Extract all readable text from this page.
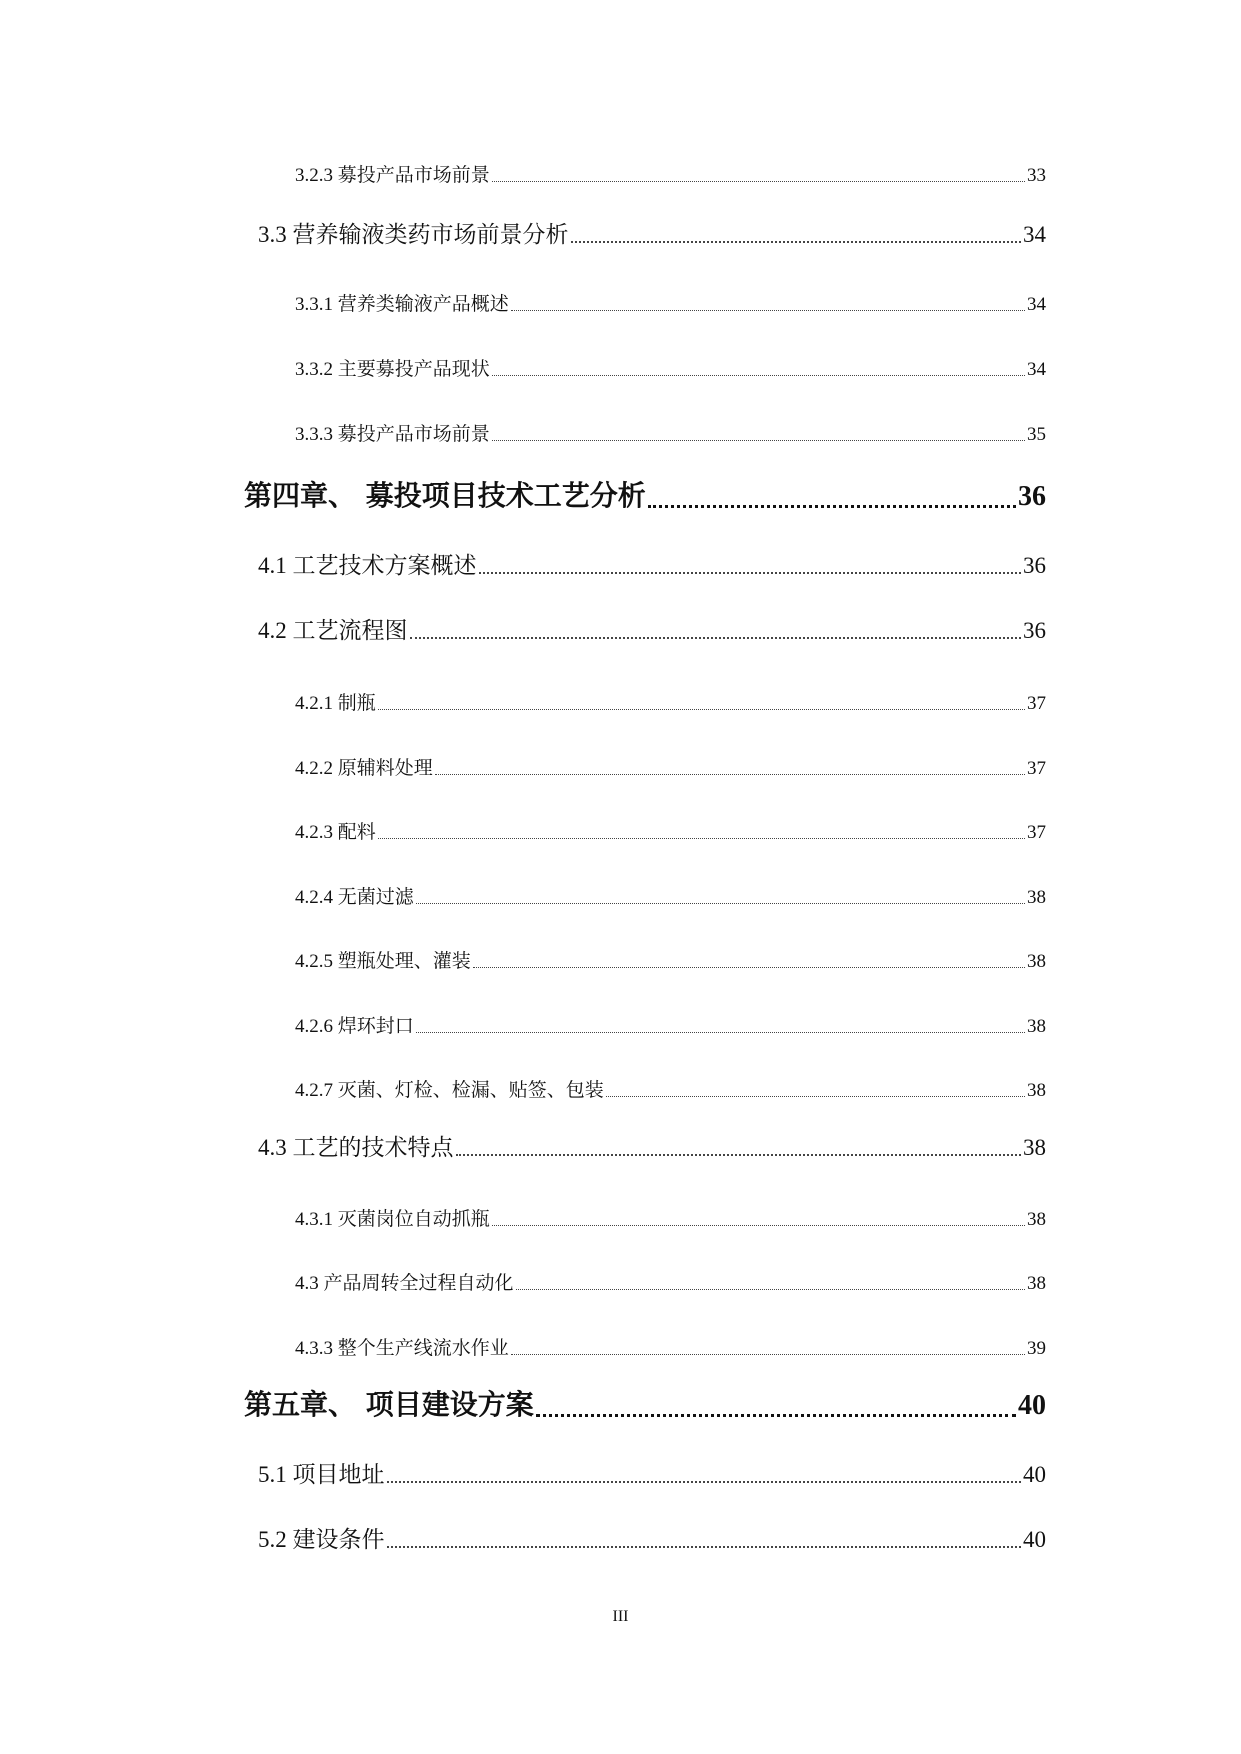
3.2.3 募投产品市场前景	33
3.3 营养输液类药市场前景分析	34
3.3.1 营养类输液产品概述	34
3.3.2 主要募投产品现状	34
3.3.3 募投产品市场前景	35
第四章、 募投项目技术工艺分析	36
4.1 工艺技术方案概述	36
4.2 工艺流程图	36
4.2.1 制瓶	37
4.2.2 原辅料处理	37
4.2.3 配料	37
4.2.4 无菌过滤	38
4.2.5 塑瓶处理、灌装	38
4.2.6 焊环封口	38
4.2.7 灭菌、灯检、检漏、贴签、包装	38
4.3 工艺的技术特点	38
4.3.1 灭菌岗位自动抓瓶	38
4.3 产品周转全过程自动化	38
4.3.3 整个生产线流水作业	39
第五章、 项目建设方案	40
5.1 项目地址	40
5.2 建设条件	40
III
